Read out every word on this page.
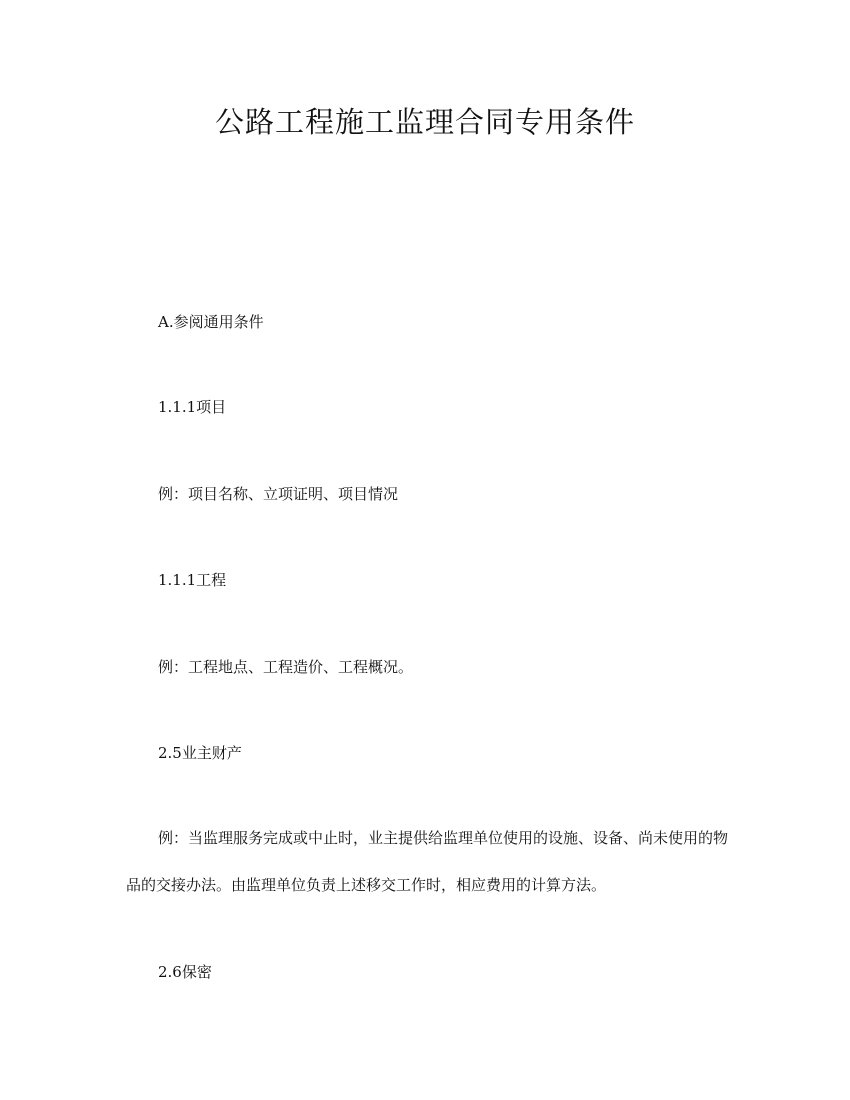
公路工程施工监理合同专用条件
A.参阅通用条件
1.1.1项目
例：项目名称、立项证明、项目情况
1.1.1工程
例：工程地点、工程造价、工程概况。
2.5业主财产
例：当监理服务完成或中止时，业主提供给监理单位使用的设施、设备、尚未使用的物品的交接办法。由监理单位负责上述移交工作时，相应费用的计算方法。
2.6保密
